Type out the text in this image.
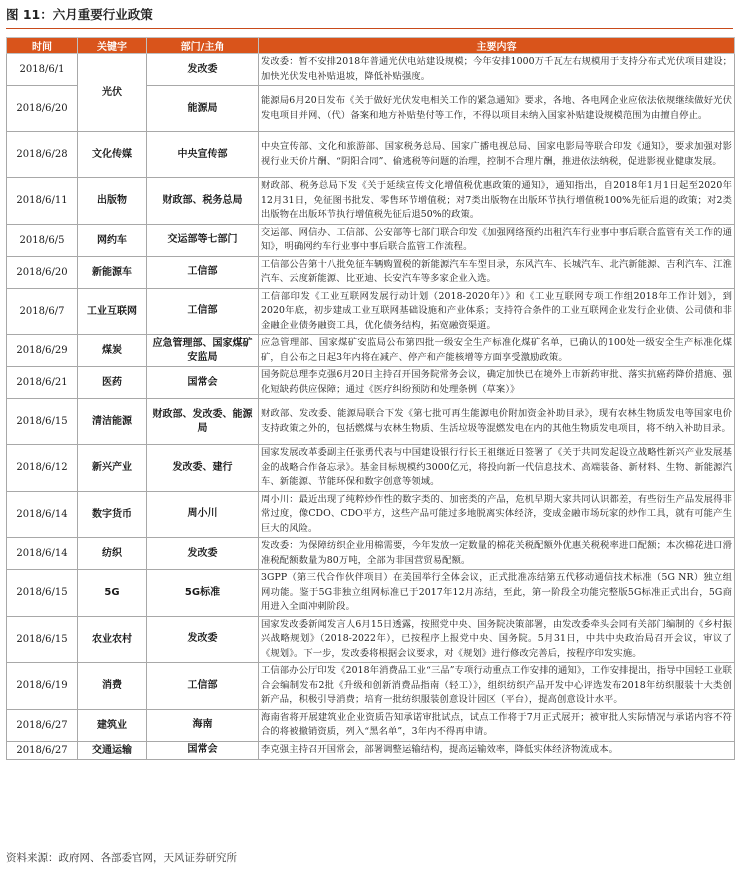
图 11：六月重要行业政策
时间	关键字	部门/主角	主要内容
2018/6/1	光伏	发改委	发改委：暂不安排2018年普通光伏电站建设规模；今年安排1000万千瓦左右规模用于支持分布式光伏项目建设；加快光伏发电补贴退坡，降低补贴强度。
2018/6/20		能源局	能源局6月20日发布《关于做好光伏发电相关工作的紧急通知》要求，各地、各电网企业应依法依规继续做好光伏发电项目并网、（代）备案和地方补贴垫付等工作，不得以项目未纳入国家补贴建设规模范围为由擅自停止。
2018/6/28	文化传媒	中央宣传部	中央宣传部、文化和旅游部、国家税务总局、国家广播电视总局、国家电影局等联合印发《通知》，要求加强对影视行业天价片酬、“阴阳合同”、偷逃税等问题的治理，控制不合理片酬，推进依法纳税，促进影视业健康发展。
2018/6/11	出版物	财政部、税务总局	财政部、税务总局下发《关于延续宣传文化增值税优惠政策的通知》，通知指出，自2018年1月1日起至2020年12月31日，免征图书批发、零售环节增值税；对7类出版物在出版环节执行增值税100%先征后退的政策；对2类出版物在出版环节执行增值税先征后退50%的政策。
2018/6/5	网约车	交运部等七部门	交运部、网信办、工信部、公安部等七部门联合印发《加强网络预约出租汽车行业事中事后联合监管有关工作的通知》，明确网约车行业事中事后联合监管工作流程。
2018/6/20	新能源车	工信部	工信部公告第十八批免征车辆购置税的新能源汽车车型目录，东风汽车、长城汽车、北汽新能源、吉利汽车、江淮汽车、云度新能源、比亚迪、长安汽车等多家企业入选。
2018/6/7	工业互联网	工信部	工信部印发《工业互联网发展行动计划（2018-2020年）》和《工业互联网专项工作组2018年工作计划》，到2020年底，初步建成工业互联网基础设施和产业体系；支持符合条件的工业互联网企业发行企业债、公司债和非金融企业债务融资工具，优化债务结构，拓宽融资渠道。
2018/6/29	煤炭	应急管理部、国家煤矿安监局	应急管理部、国家煤矿安监局公布第四批一级安全生产标准化煤矿名单，已确认的100处一级安全生产标准化煤矿，自公布之日起3年内将在减产、停产和产能核增等方面享受激励政策。
2018/6/21	医药	国常会	国务院总理李克强6月20日主持召开国务院常务会议，确定加快已在境外上市新药审批、落实抗癌药降价措施、强化短缺药供应保障；通过《医疗纠纷预防和处理条例（草案）》
2018/6/15	清洁能源	财政部、发改委、能源局	财政部、发改委、能源局联合下发《第七批可再生能源电价附加资金补助目录》，现有农林生物质发电等国家电价支持政策之外的，包括燃煤与农林生物质、生活垃圾等混燃发电在内的其他生物质发电项目，将不纳入补助目录。
2018/6/12	新兴产业	发改委、建行	国家发展改革委副主任张勇代表与中国建设银行行长王祖继近日签署了《关于共同发起设立战略性新兴产业发展基金的战略合作备忘录》。基金目标规模约3000亿元，将投向新一代信息技术、高端装备、新材料、生物、新能源汽车、新能源、节能环保和数字创意等领域。
2018/6/14	数字货币	周小川	周小川：最近出现了纯粹炒作性的数字类的、加密类的产品，危机早期大家共同认识都差，有些衍生产品发展得非常过度，像CDO、CDO平方，这些产品可能过多地脱离实体经济，变成金融市场玩家的炒作工具，就有可能产生巨大的风险。
2018/6/14	纺织	发改委	发改委：为保障纺织企业用棉需要，今年发放一定数量的棉花关税配额外优惠关税税率进口配额；本次棉花进口滑准税配额数量为80万吨，全部为非国营贸易配额。
2018/6/15	5G	5G标准	3GPP（第三代合作伙伴项目）在美国举行全体会议，正式批准冻结第五代移动通信技术标准（5G NR）独立组网功能。鉴于5G非独立组网标准已于2017年12月冻结，至此，第一阶段全功能完整版5G标准正式出台，5G商用进入全面冲刺阶段。
2018/6/15	农业农村	发改委	国家发改委新闻发言人6月15日透露，按照党中央、国务院决策部署，由发改委牵头会同有关部门编制的《乡村振兴战略规划》（2018-2022年），已按程序上报党中央、国务院。5月31日，中共中央政治局召开会议，审议了《规划》。下一步，发改委将根据会议要求，对《规划》进行修改完善后，按程序印发实施。
2018/6/19	消费	工信部	工信部办公厅印发《2018年消费品工业“三品”专项行动重点工作安排的通知》，工作安排提出，指导中国轻工业联合会编制发布2批《升级和创新消费品指南（轻工）》，组织纺织产品开发中心评选发布2018年纺织服装十大类创新产品，积极引导消费；培育一批纺织服装创意设计园区（平台），提高创意设计水平。
2018/6/27	建筑业	海南	海南省将开展建筑业企业资质告知承诺审批试点，试点工作将于7月正式展开；被审批人实际情况与承诺内容不符合的将被撤销资质，列入“黑名单”，3年内不得再申请。
2018/6/27	交通运输	国常会	李克强主持召开国常会，部署调整运输结构，提高运输效率，降低实体经济物流成本。
资料来源：政府网、各部委官网，天风证券研究所
